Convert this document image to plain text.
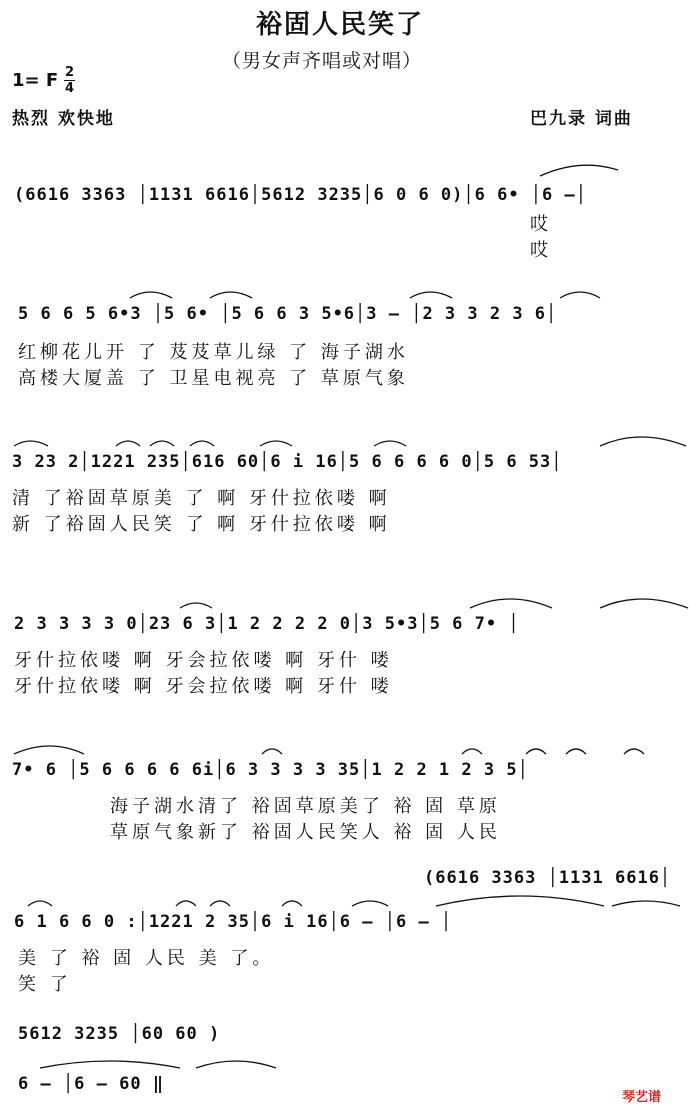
裕固人民笑了
（男女声齐唱或对唱）
1= F 2
4
热烈 欢快地	巴九录 词曲
(6616 3363 │1131 6616│5612 3235│6 0 6 0)│6 6• │6 —│
哎
哎
5 6 6 5 6•3 │5 6• │5 6 6 3 5•6│3 — │2 3 3 2 3 6│
红柳花儿开 了 芨芨草儿绿 了 海子湖水
高楼大厦盖 了 卫星电视亮 了 草原气象
3 23 2│1221 235│616 60│6 i 16│5 6 6 6 6 0│5 6 53│
清 了裕固草原美 了 啊 牙什拉依喽 啊
新 了裕固人民笑 了 啊 牙什拉依喽 啊
2 3 3 3 3 0│23 6 3│1 2 2 2 2 0│3 5•3│5 6 7• │
牙什拉依喽 啊 牙会拉依喽 啊 牙什 喽
牙什拉依喽 啊 牙会拉依喽 啊 牙什 喽
7• 6 │5 6 6 6 6 6i│6 3 3 3 3 35│1 2 2 1 2 3 5│
海子湖水清了 裕固草原美了 裕 固 草原
草原气象新了 裕固人民笑人 裕 固 人民
(6616 3363 │1131 6616│
6 1 6 6 0 :│1221 2 35│6 i 16│6 — │6 — │
美 了 裕 固 人民 美 了。
笑 了
5612 3235 │60 60 )
6 — │6 — 60 ‖
琴艺谱
